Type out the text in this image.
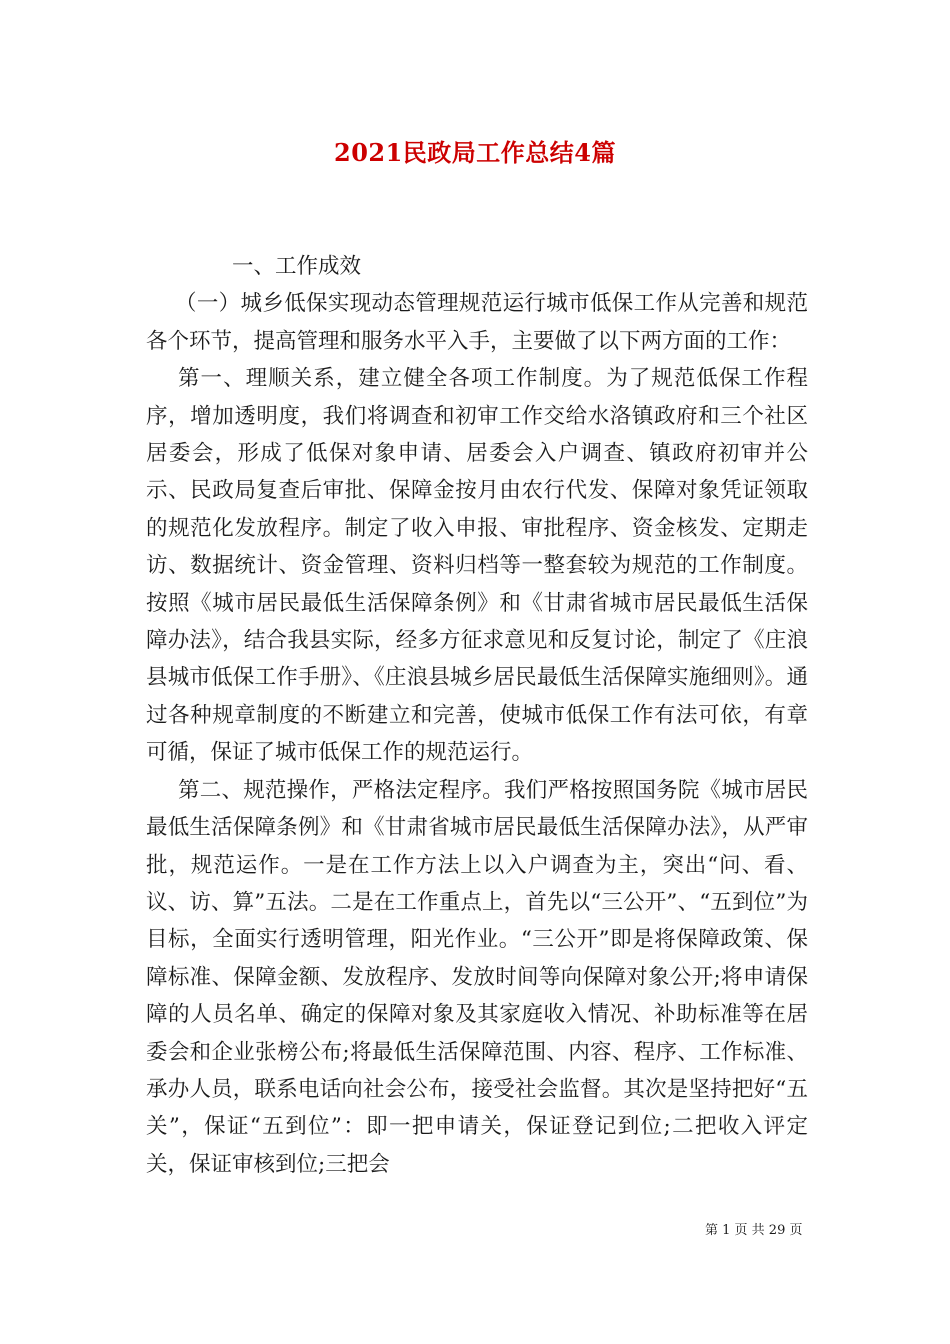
2021民政局工作总结4篇

一、工作成效

（一）城乡低保实现动态管理规范运行城市低保工作从完善和规范各个环节，提高管理和服务水平入手，主要做了以下两方面的工作：

第一、理顺关系，建立健全各项工作制度。为了规范低保工作程序，增加透明度，我们将调查和初审工作交给水洛镇政府和三个社区居委会，形成了低保对象申请、居委会入户调查、镇政府初审并公示、民政局复查后审批、保障金按月由农行代发、保障对象凭证领取的规范化发放程序。制定了收入申报、审批程序、资金核发、定期走访、数据统计、资金管理、资料归档等一整套较为规范的工作制度。按照《城市居民最低生活保障条例》和《甘肃省城市居民最低生活保障办法》，结合我县实际，经多方征求意见和反复讨论，制定了《庄浪县城市低保工作手册》、《庄浪县城乡居民最低生活保障实施细则》。通过各种规章制度的不断建立和完善，使城市低保工作有法可依，有章可循，保证了城市低保工作的规范运行。

第二、规范操作，严格法定程序。我们严格按照国务院《城市居民最低生活保障条例》和《甘肃省城市居民最低生活保障办法》，从严审批，规范运作。一是在工作方法上以入户调查为主，突出“问、看、议、访、算”五法。二是在工作重点上，首先以“三公开”、“五到位”为目标，全面实行透明管理，阳光作业。“三公开”即是将保障政策、保障标准、保障金额、发放程序、发放时间等向保障对象公开;将申请保障的人员名单、确定的保障对象及其家庭收入情况、补助标准等在居委会和企业张榜公布;将最低生活保障范围、内容、程序、工作标准、承办人员，联系电话向社会公布，接受社会监督。其次是坚持把好“五关”，保证“五到位”：即一把申请关，保证登记到位;二把收入评定关，保证审核到位;三把会

第 1 页 共 29 页
